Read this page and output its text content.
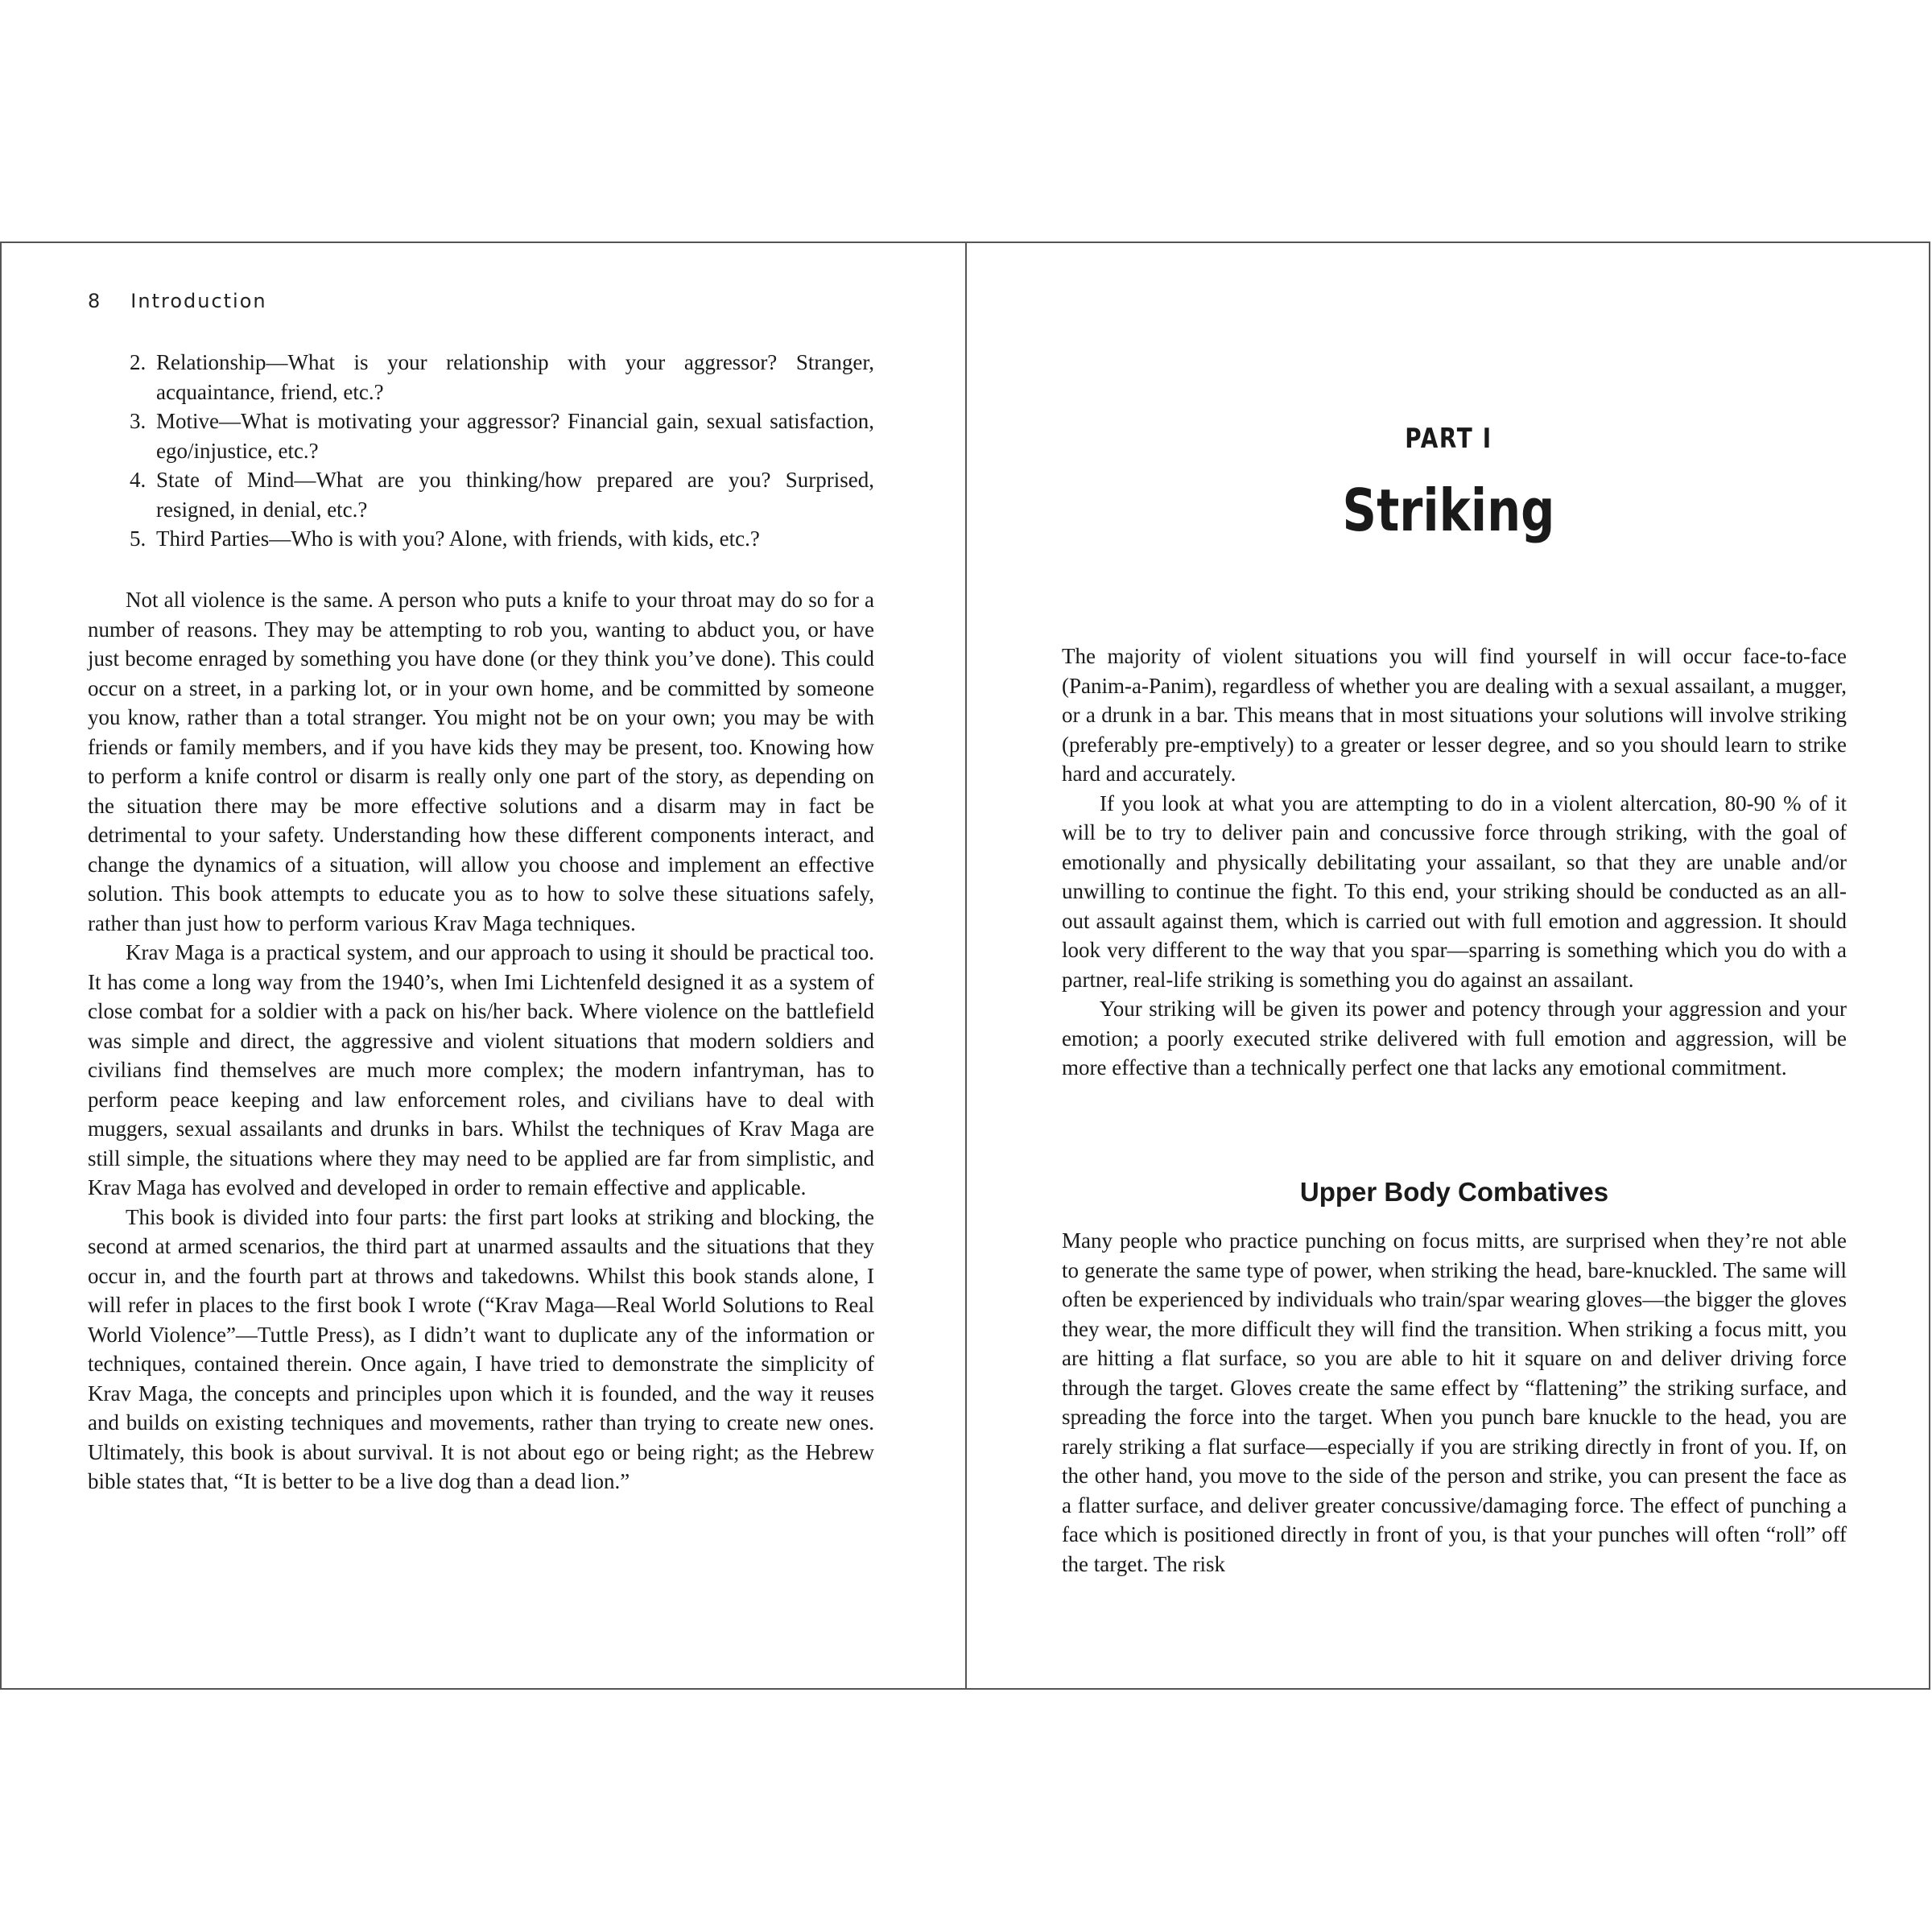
8 Introduction
2. Relationship—What is your relationship with your aggressor? Stranger, acquaintance, friend, etc.?
3. Motive—What is motivating your aggressor? Financial gain, sexual satisfaction, ego/injustice, etc.?
4. State of Mind—What are you thinking/how prepared are you? Surprised, resigned, in denial, etc.?
5. Third Parties—Who is with you? Alone, with friends, with kids, etc.?

Not all violence is the same. A person who puts a knife to your throat may do so for a number of reasons. They may be attempting to rob you, wanting to abduct you, or have just become enraged by something you have done (or they think you’ve done). This could occur on a street, in a parking lot, or in your own home, and be committed by someone you know, rather than a total stranger. You might not be on your own; you may be with friends or family members, and if you have kids they may be present, too. Knowing how to perform a knife control or disarm is really only one part of the story, as depending on the situation there may be more effective solutions and a disarm may in fact be detrimental to your safety. Understanding how these different components interact, and change the dynamics of a situation, will allow you choose and implement an effective solution. This book attempts to educate you as to how to solve these situations safely, rather than just how to perform various Krav Maga techniques.

Krav Maga is a practical system, and our approach to using it should be practical too. It has come a long way from the 1940’s, when Imi Lichtenfeld designed it as a system of close combat for a soldier with a pack on his/her back. Where violence on the battlefield was simple and direct, the aggressive and violent situations that modern soldiers and civilians find themselves are much more complex; the modern infantryman, has to perform peace keeping and law enforcement roles, and civilians have to deal with muggers, sexual assailants and drunks in bars. Whilst the techniques of Krav Maga are still simple, the situations where they may need to be applied are far from simplistic, and Krav Maga has evolved and developed in order to remain effective and applicable.

This book is divided into four parts: the first part looks at striking and blocking, the second at armed scenarios, the third part at unarmed assaults and the situations that they occur in, and the fourth part at throws and takedowns. Whilst this book stands alone, I will refer in places to the first book I wrote (“Krav Maga—Real World Solutions to Real World Violence”—Tuttle Press), as I didn’t want to duplicate any of the information or techniques, contained therein. Once again, I have tried to demonstrate the simplicity of Krav Maga, the concepts and principles upon which it is founded, and the way it reuses and builds on existing techniques and movements, rather than trying to create new ones. Ultimately, this book is about survival. It is not about ego or being right; as the Hebrew bible states that, “It is better to be a live dog than a dead lion.”

PART I
Striking

The majority of violent situations you will find yourself in will occur face-to-face (Panim-a-Panim), regardless of whether you are dealing with a sexual assailant, a mugger, or a drunk in a bar. This means that in most situations your solutions will involve striking (preferably pre-emptively) to a greater or lesser degree, and so you should learn to strike hard and accurately.

If you look at what you are attempting to do in a violent altercation, 80-90 % of it will be to try to deliver pain and concussive force through striking, with the goal of emotionally and physically debilitating your assailant, so that they are unable and/or unwilling to continue the fight. To this end, your striking should be conducted as an all-out assault against them, which is carried out with full emotion and aggression. It should look very different to the way that you spar—sparring is something which you do with a partner, real-life striking is something you do against an assailant.

Your striking will be given its power and potency through your aggression and your emotion; a poorly executed strike delivered with full emotion and aggression, will be more effective than a technically perfect one that lacks any emotional commitment.

Upper Body Combatives

Many people who practice punching on focus mitts, are surprised when they’re not able to generate the same type of power, when striking the head, bare-knuckled. The same will often be experienced by individuals who train/spar wearing gloves—the bigger the gloves they wear, the more difficult they will find the transition. When striking a focus mitt, you are hitting a flat surface, so you are able to hit it square on and deliver driving force through the target. Gloves create the same effect by “flattening” the striking surface, and spreading the force into the target. When you punch bare knuckle to the head, you are rarely striking a flat surface—especially if you are striking directly in front of you. If, on the other hand, you move to the side of the person and strike, you can present the face as a flatter surface, and deliver greater concussive/damaging force. The effect of punching a face which is positioned directly in front of you, is that your punches will often “roll” off the target. The risk
